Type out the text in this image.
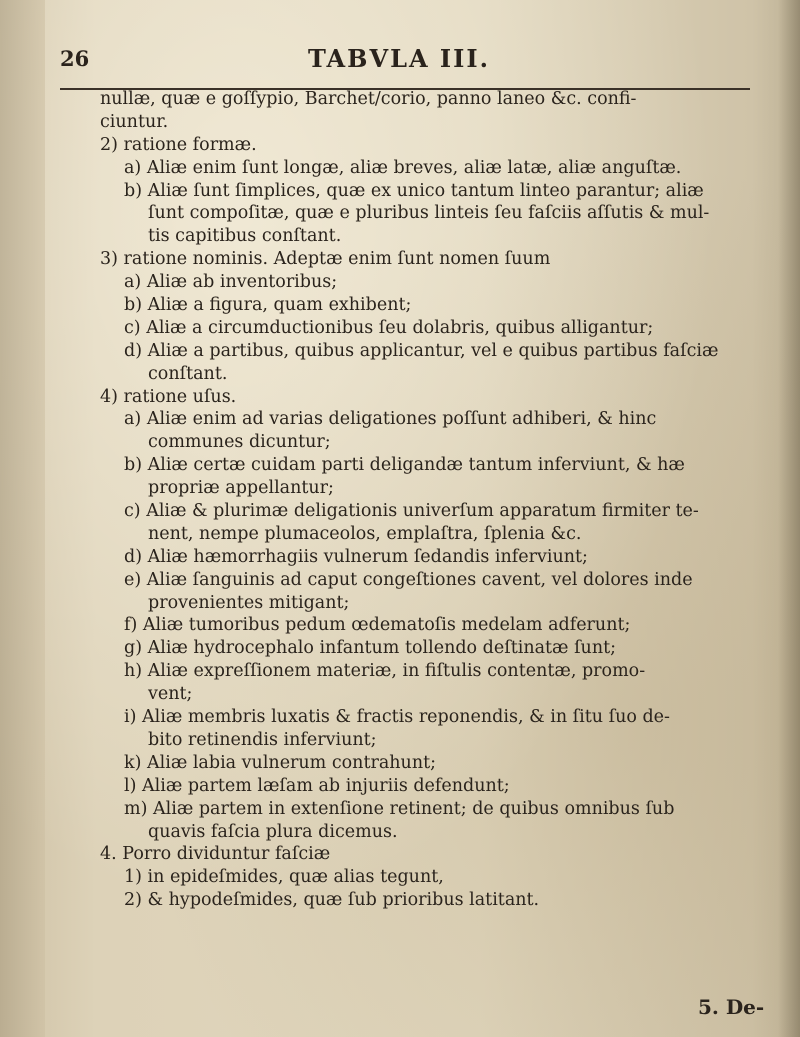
26	TABVLA III.
nullæ, quæ e goſſypio, Barchet/corio, panno laneo &c. confi-
ciuntur.
2) ratione formæ.
a) Aliæ enim ſunt longæ, aliæ breves, aliæ latæ, aliæ anguſtæ.
b) Aliæ ſunt ſimplices, quæ ex unico tantum linteo parantur; aliæ
ſunt compoſitæ, quæ e pluribus linteis ſeu faſciis aſſutis & mul-
tis capitibus conſtant.
3) ratione nominis. Adeptæ enim ſunt nomen ſuum
a) Aliæ ab inventoribus;
b) Aliæ a figura, quam exhibent;
c) Aliæ a circumductionibus ſeu dolabris, quibus alligantur;
d) Aliæ a partibus, quibus applicantur, vel e quibus partibus faſciæ
conſtant.
4) ratione uſus.
a) Aliæ enim ad varias deligationes poſſunt adhiberi, & hinc
communes dicuntur;
b) Aliæ certæ cuidam parti deligandæ tantum inferviunt, & hæ
propriæ appellantur;
c) Aliæ & plurimæ deligationis univerſum apparatum firmiter te-
nent, nempe plumaceolos, emplaſtra, ſplenia &c.
d) Aliæ hæmorrhagiis vulnerum ſedandis inferviunt;
e) Aliæ ſanguinis ad caput congeſtiones cavent, vel dolores inde
provenientes mitigant;
f) Aliæ tumoribus pedum œdematoſis medelam adferunt;
g) Aliæ hydrocephalo infantum tollendo deſtinatæ ſunt;
h) Aliæ expreſſionem materiæ, in fiſtulis contentæ, promo-
vent;
i) Aliæ membris luxatis & fractis reponendis, & in ſitu ſuo de-
bito retinendis inferviunt;
k) Aliæ labia vulnerum contrahunt;
l) Aliæ partem læſam ab injuriis defendunt;
m) Aliæ partem in extenſione retinent; de quibus omnibus ſub
quavis faſcia plura dicemus.
4. Porro dividuntur faſciæ
1) in epideſmides, quæ alias tegunt,
2) & hypodeſmides, quæ ſub prioribus latitant.
5. De-
